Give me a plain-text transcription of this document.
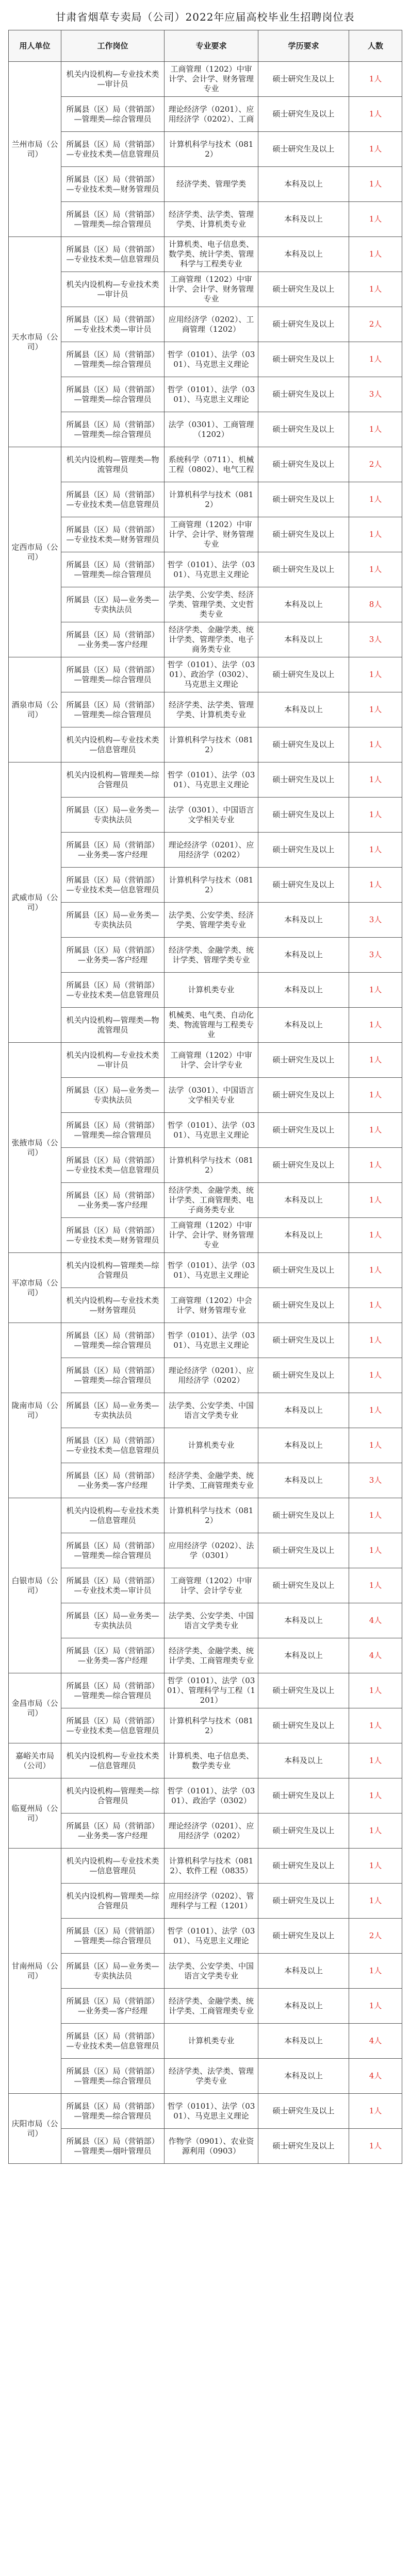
甘肃省烟草专卖局（公司）2022年应届高校毕业生招聘岗位表
用人单位	工作岗位	专业要求	学历要求	人数
兰州市局（公司）	机关内设机构—专业技术类—审计员	工商管理（1202）中审计学、会计学、财务管理专业	硕士研究生及以上	1人
	所属县（区）局（营销部）—管理类—综合管理员	理论经济学（0201）、应用经济学（0202）、工商	硕士研究生及以上	1人
	所属县（区）局（营销部）—专业技术类—信息管理员	计算机科学与技术（0812）	硕士研究生及以上	1人
	所属县（区）局（营销部）—专业技术类—财务管理员	经济学类、管理学类	本科及以上	1人
	所属县（区）局（营销部）—管理类—综合管理员	经济学类、法学类、管理学类、计算机类专业	本科及以上	1人
天水市局（公司）	所属县（区）局（营销部）—专业技术类—信息管理员	计算机类、电子信息类、数学类、统计学类、管理科学与工程类专业	本科及以上	1人
	机关内设机构—专业技术类—审计员	工商管理（1202）中审计学、会计学、财务管理专业	硕士研究生及以上	1人
	所属县（区）局（营销部）—专业技术类—审计员	应用经济学（0202）、工商管理（1202）	硕士研究生及以上	2人
	所属县（区）局（营销部）—管理类—综合管理员	哲学（0101）、法学（0301）、马克思主义理论	硕士研究生及以上	1人
	所属县（区）局（营销部）—管理类—综合管理员	哲学（0101）、法学（0301）、马克思主义理论	硕士研究生及以上	3人
	所属县（区）局（营销部）—管理类—综合管理员	法学（0301）、工商管理（1202）	硕士研究生及以上	1人
定西市局（公司）	机关内设机构—管理类—物流管理员	系统科学（0711）、机械工程（0802）、电气工程	硕士研究生及以上	2人
	所属县（区）局（营销部）—专业技术类—信息管理员	计算机科学与技术（0812）	硕士研究生及以上	1人
	所属县（区）局（营销部）—专业技术类—财务管理员	工商管理（1202）中审计学、会计学、财务管理专业	硕士研究生及以上	1人
	所属县（区）局（营销部）—管理类—综合管理员	哲学（0101）、法学（0301）、马克思主义理论	硕士研究生及以上	1人
	所属县（区）局—业务类—专卖执法员	法学类、公安学类、经济学类、管理学类、文史哲类专业	本科及以上	8人
	所属县（区）局（营销部）—业务类—客户经理	经济学类、金融学类、统计学类、管理学类、电子商务类专业	本科及以上	3人
酒泉市局（公司）	所属县（区）局（营销部）—管理类—综合管理员	哲学（0101）、法学（0301）、政治学（0302）、马克思主义理论	硕士研究生及以上	1人
	所属县（区）局（营销部）—管理类—综合管理员	经济学类、法学类、管理学类、计算机类专业	本科及以上	1人
	机关内设机构—专业技术类—信息管理员	计算机科学与技术（0812）	硕士研究生及以上	1人
武威市局（公司）	机关内设机构—管理类—综合管理员	哲学（0101）、法学（0301）、马克思主义理论	硕士研究生及以上	1人
	所属县（区）局—业务类—专卖执法员	法学（0301）、中国语言文学相关专业	硕士研究生及以上	1人
	所属县（区）局（营销部）—业务类—客户经理	理论经济学（0201）、应用经济学（0202）	硕士研究生及以上	1人
	所属县（区）局（营销部）—专业技术类—信息管理员	计算机科学与技术（0812）	硕士研究生及以上	1人
	所属县（区）局—业务类—专卖执法员	法学类、公安学类、经济学类、管理学类专业	本科及以上	3人
	所属县（区）局（营销部）—业务类—客户经理	经济学类、金融学类、统计学类、管理学类专业	本科及以上	3人
	所属县（区）局（营销部）—专业技术类—信息管理员	计算机类专业	本科及以上	1人
	机关内设机构—管理类—物流管理员	机械类、电气类、自动化类、物流管理与工程类专业	本科及以上	1人
张掖市局（公司）	机关内设机构—专业技术类—审计员	工商管理（1202）中审计学、会计学专业	硕士研究生及以上	1人
	所属县（区）局—业务类—专卖执法员	法学（0301）、中国语言文学相关专业	硕士研究生及以上	1人
	所属县（区）局（营销部）—管理类—综合管理员	哲学（0101）、法学（0301）、马克思主义理论	硕士研究生及以上	1人
	所属县（区）局（营销部）—专业技术类—信息管理员	计算机科学与技术（0812）	硕士研究生及以上	1人
	所属县（区）局（营销部）—业务类—客户经理	经济学类、金融学类、统计学类、工商管理类、电子商务类专业	本科及以上	1人
	所属县（区）局（营销部）—专业技术类—财务管理员	工商管理（1202）中审计学、会计学、财务管理专业	本科及以上	1人
平凉市局（公司）	机关内设机构—管理类—综合管理员	哲学（0101）、法学（0301）、马克思主义理论	硕士研究生及以上	1人
	机关内设机构—专业技术类—财务管理员	工商管理（1202）中会计学、财务管理专业	硕士研究生及以上	1人
陇南市局（公司）	所属县（区）局（营销部）—管理类—综合管理员	哲学（0101）、法学（0301）、马克思主义理论	硕士研究生及以上	1人
	所属县（区）局（营销部）—管理类—综合管理员	理论经济学（0201）、应用经济学（0202）	硕士研究生及以上	1人
	所属县（区）局—业务类—专卖执法员	法学类、公安学类、中国语言文学类专业	本科及以上	1人
	所属县（区）局（营销部）—专业技术类—信息管理员	计算机类专业	本科及以上	1人
	所属县（区）局（营销部）—业务类—客户经理	经济学类、金融学类、统计学类、工商管理类专业	本科及以上	3人
白银市局（公司）	机关内设机构—专业技术类—信息管理员	计算机科学与技术（0812）	硕士研究生及以上	1人
	所属县（区）局（营销部）—管理类—综合管理员	应用经济学（0202）、法学（0301）	硕士研究生及以上	1人
	所属县（区）局（营销部）—专业技术类—审计员	工商管理（1202）中审计学、会计学专业	硕士研究生及以上	1人
	所属县（区）局—业务类—专卖执法员	法学类、公安学类、中国语言文学类专业	本科及以上	4人
	所属县（区）局（营销部）—业务类—客户经理	经济学类、金融学类、统计学类、工商管理类专业	本科及以上	4人
金昌市局（公司）	所属县（区）局（营销部）—管理类—综合管理员	哲学（0101）、法学（0301）、管理科学与工程（1201）	硕士研究生及以上	1人
	所属县（区）局（营销部）—专业技术类—信息管理员	计算机科学与技术（0812）	硕士研究生及以上	1人
嘉峪关市局（公司）	机关内设机构—专业技术类—信息管理员	计算机类、电子信息类、数学类专业	本科及以上	1人
临夏州局（公司）	机关内设机构—管理类—综合管理员	哲学（0101）、法学（0301）、政治学（0302）	硕士研究生及以上	1人
	所属县（区）局（营销部）—业务类—客户经理	理论经济学（0201）、应用经济学（0202）	硕士研究生及以上	1人
甘南州局（公司）	机关内设机构—专业技术类—信息管理员	计算机科学与技术（0812）、软件工程（0835）	硕士研究生及以上	1人
	机关内设机构—管理类—综合管理员	应用经济学（0202）、管理科学与工程（1201）	硕士研究生及以上	1人
	所属县（区）局（营销部）—管理类—综合管理员	哲学（0101）、法学（0301）、马克思主义理论	硕士研究生及以上	2人
	所属县（区）局—业务类—专卖执法员	法学类、公安学类、中国语言文学类专业	本科及以上	1人
	所属县（区）局（营销部）—业务类—客户经理	经济学类、金融学类、统计学类、工商管理类专业	本科及以上	1人
	所属县（区）局（营销部）—专业技术类—信息管理员	计算机类专业	本科及以上	4人
	所属县（区）局（营销部）—管理类—综合管理员	经济学类、法学类、管理学类专业	本科及以上	4人
庆阳市局（公司）	所属县（区）局（营销部）—管理类—综合管理员	哲学（0101）、法学（0301）、马克思主义理论	硕士研究生及以上	1人
	所属县（区）局（营销部）—管理类—烟叶管理员	作物学（0901）、农业资源利用（0903）	硕士研究生及以上	1人
